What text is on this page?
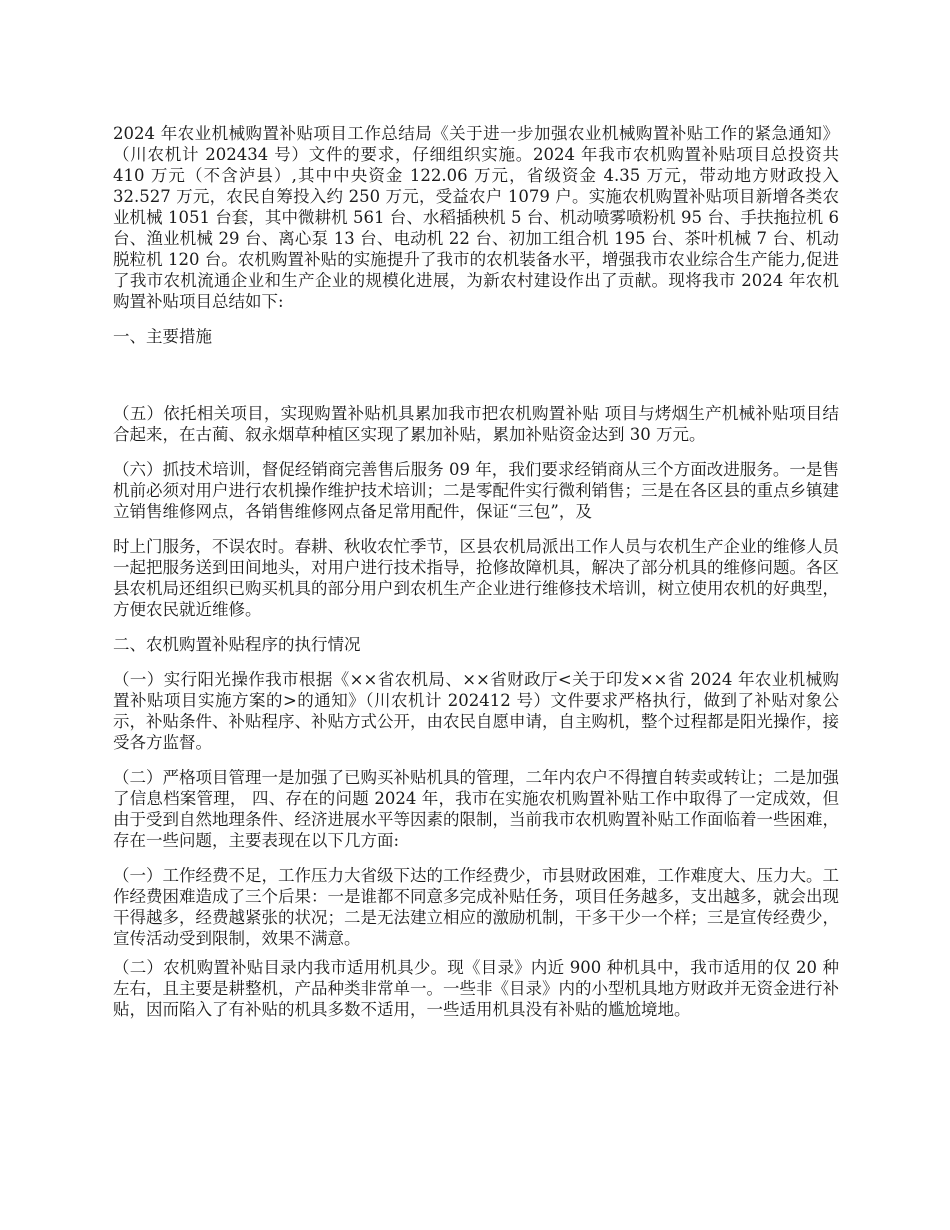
2024 年农业机械购置补贴项目工作总结局《关于进一步加强农业机械购置补贴工作的紧急通知》（川农机计 202434 号）文件的要求，仔细组织实施。2024 年我市农机购置补贴项目总投资共 410 万元（不含泸县）,其中中央资金 122.06 万元，省级资金 4.35 万元，带动地方财政投入 32.527 万元，农民自筹投入约 250 万元，受益农户 1079 户。实施农机购置补贴项目新增各类农业机械 1051 台套，其中微耕机 561 台、水稻插秧机 5 台、机动喷雾喷粉机 95 台、手扶拖拉机 6 台、渔业机械 29 台、离心泵 13 台、电动机 22 台、初加工组合机 195 台、茶叶机械 7 台、机动脱粒机 120 台。农机购置补贴的实施提升了我市的农机装备水平，增强我市农业综合生产能力,促进了我市农机流通企业和生产企业的规模化进展，为新农村建设作出了贡献。现将我市 2024 年农机购置补贴项目总结如下:

一、主要措施

（五）依托相关项目，实现购置补贴机具累加我市把农机购置补贴 项目与烤烟生产机械补贴项目结合起来，在古蔺、叙永烟草种植区实现了累加补贴，累加补贴资金达到 30 万元。

（六）抓技术培训，督促经销商完善售后服务 09 年，我们要求经销商从三个方面改进服务。一是售机前必须对用户进行农机操作维护技术培训；二是零配件实行微利销售；三是在各区县的重点乡镇建立销售维修网点，各销售维修网点备足常用配件，保证“三包”，及

时上门服务，不误农时。春耕、秋收农忙季节，区县农机局派出工作人员与农机生产企业的维修人员一起把服务送到田间地头，对用户进行技术指导，抢修故障机具，解决了部分机具的维修问题。各区县农机局还组织已购买机具的部分用户到农机生产企业进行维修技术培训，树立使用农机的好典型，方便农民就近维修。

二、农机购置补贴程序的执行情况

（一）实行阳光操作我市根据《××省农机局、××省财政厅<关于印发××省 2024 年农业机械购置补贴项目实施方案的>的通知》（川农机计 202412 号）文件要求严格执行，做到了补贴对象公示，补贴条件、补贴程序、补贴方式公开，由农民自愿申请，自主购机，整个过程都是阳光操作，接受各方监督。

（二）严格项目管理一是加强了已购买补贴机具的管理，二年内农户不得擅自转卖或转让；二是加强了信息档案管理， 四、存在的问题 2024 年，我市在实施农机购置补贴工作中取得了一定成效，但由于受到自然地理条件、经济进展水平等因素的限制，当前我市农机购置补贴工作面临着一些困难，存在一些问题，主要表现在以下几方面:

（一）工作经费不足，工作压力大省级下达的工作经费少，市县财政困难，工作难度大、压力大。工作经费困难造成了三个后果：一是谁都不同意多完成补贴任务，项目任务越多，支出越多，就会出现干得越多，经费越紧张的状况；二是无法建立相应的激励机制，干多干少一个样；三是宣传经费少，宣传活动受到限制，效果不满意。

（二）农机购置补贴目录内我市适用机具少。现《目录》内近 900 种机具中，我市适用的仅 20 种左右，且主要是耕整机，产品种类非常单一。一些非《目录》内的小型机具地方财政并无资金进行补贴，因而陷入了有补贴的机具多数不适用，一些适用机具没有补贴的尴尬境地。
